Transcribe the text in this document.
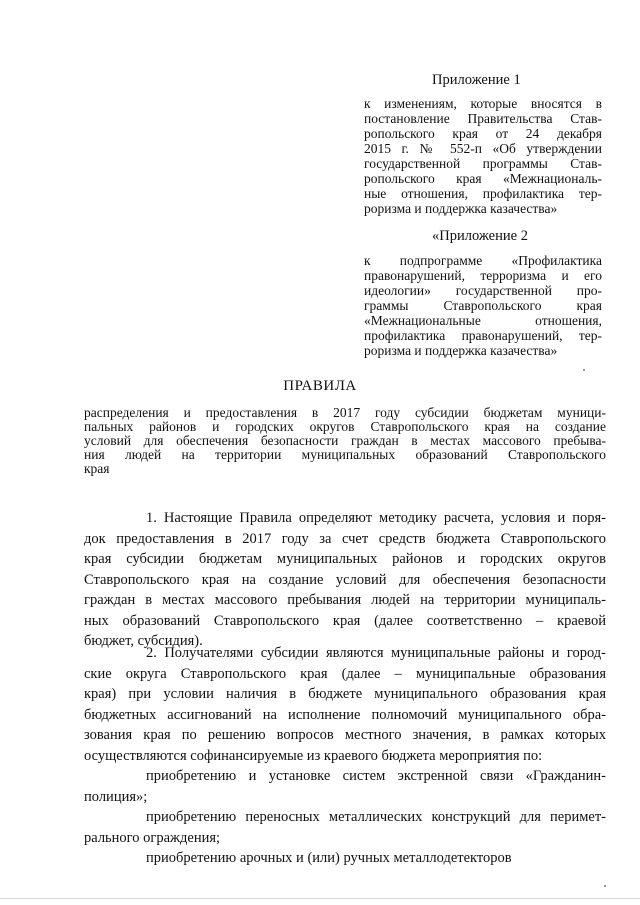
Приложение 1
к изменениям, которые вносятся в
постановление Правительства Став-
ропольского края от 24 декабря
2015 г. № 552-п «Об утверждении
государственной программы Став-
ропольского края «Межнациональ-
ные отношения, профилактика тер-
роризма и поддержка казачества»
«Приложение 2
к подпрограмме «Профилактика
правонарушений, терроризма и его
идеологии» государственной про-
граммы Ставропольского края
«Межнациональные отношения,
профилактика правонарушений, тер-
роризма и поддержка казачества»
ПРАВИЛА
распределения и предоставления в 2017 году субсидии бюджетам муници-
пальных районов и городских округов Ставропольского края на создание
условий для обеспечения безопасности граждан в местах массового пребыва-
ния людей на территории муниципальных образований Ставропольского
края
1. Настоящие Правила определяют методику расчета, условия и поря-
док предоставления в 2017 году за счет средств бюджета Ставропольского
края субсидии бюджетам муниципальных районов и городских округов
Ставропольского края на создание условий для обеспечения безопасности
граждан в местах массового пребывания людей на территории муниципаль-
ных образований Ставропольского края (далее соответственно – краевой
бюджет, субсидия).
2. Получателями субсидии являются муниципальные районы и город-
ские округа Ставропольского края (далее – муниципальные образования
края) при условии наличия в бюджете муниципального образования края
бюджетных ассигнований на исполнение полномочий муниципального обра-
зования края по решению вопросов местного значения, в рамках которых
осуществляются софинансируемые из краевого бюджета мероприятия по:
приобретению и установке систем экстренной связи «Гражданин-
полиция»;
приобретению переносных металлических конструкций для перимет-
рального ограждения;
приобретению арочных и (или) ручных металлодетекторов
